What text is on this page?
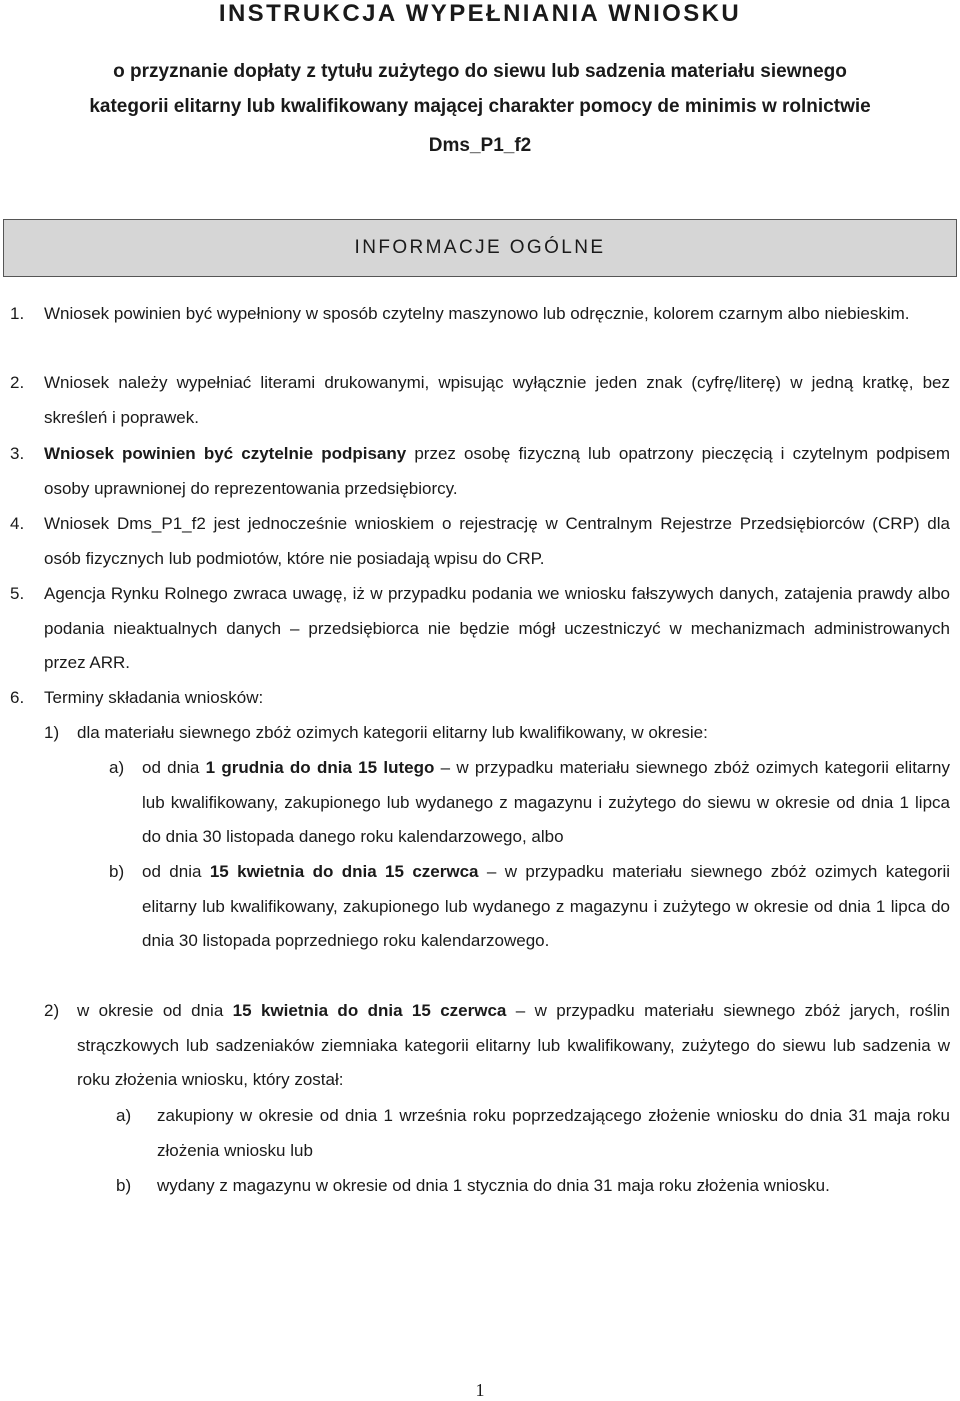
INSTRUKCJA WYPEŁNIANIA WNIOSKU
o przyznanie dopłaty z tytułu zużytego do siewu lub sadzenia materiału siewnego
kategorii elitarny lub kwalifikowany mającej charakter pomocy de minimis w rolnictwie
Dms_P1_f2
INFORMACJE OGÓLNE
1. Wniosek powinien być wypełniony w sposób czytelny maszynowo lub odręcznie, kolorem czarnym albo niebieskim.
2. Wniosek należy wypełniać literami drukowanymi, wpisując wyłącznie jeden znak (cyfrę/literę) w jedną kratkę, bez skreśleń i poprawek.
3. Wniosek powinien być czytelnie podpisany przez osobę fizyczną lub opatrzony pieczęcią i czytelnym podpisem osoby uprawnionej do reprezentowania przedsiębiorcy.
4. Wniosek Dms_P1_f2 jest jednocześnie wnioskiem o rejestrację w Centralnym Rejestrze Przedsiębiorców (CRP) dla osób fizycznych lub podmiotów, które nie posiadają wpisu do CRP.
5. Agencja Rynku Rolnego zwraca uwagę, iż w przypadku podania we wniosku fałszywych danych, zatajenia prawdy albo podania nieaktualnych danych – przedsiębiorca nie będzie mógł uczestniczyć w mechanizmach administrowanych przez ARR.
6. Terminy składania wniosków:
1) dla materiału siewnego zbóż ozimych kategorii elitarny lub kwalifikowany, w okresie:
a) od dnia 1 grudnia do dnia 15 lutego – w przypadku materiału siewnego zbóż ozimych kategorii elitarny lub kwalifikowany, zakupionego lub wydanego z magazynu i zużytego do siewu w okresie od dnia 1 lipca do dnia 30 listopada danego roku kalendarzowego, albo
b) od dnia 15 kwietnia do dnia 15 czerwca – w przypadku materiału siewnego zbóż ozimych kategorii elitarny lub kwalifikowany, zakupionego lub wydanego z magazynu i zużytego w okresie od dnia 1 lipca do dnia 30 listopada poprzedniego roku kalendarzowego.
2) w okresie od dnia 15 kwietnia do dnia 15 czerwca – w przypadku materiału siewnego zbóż jarych, roślin strączkowych lub sadzeniaków ziemniaka kategorii elitarny lub kwalifikowany, zużytego do siewu lub sadzenia w roku złożenia wniosku, który został:
a) zakupiony w okresie od dnia 1 września roku poprzedzającego złożenie wniosku do dnia 31 maja roku złożenia wniosku lub
b) wydany z magazynu w okresie od dnia 1 stycznia do dnia 31 maja roku złożenia wniosku.
1
